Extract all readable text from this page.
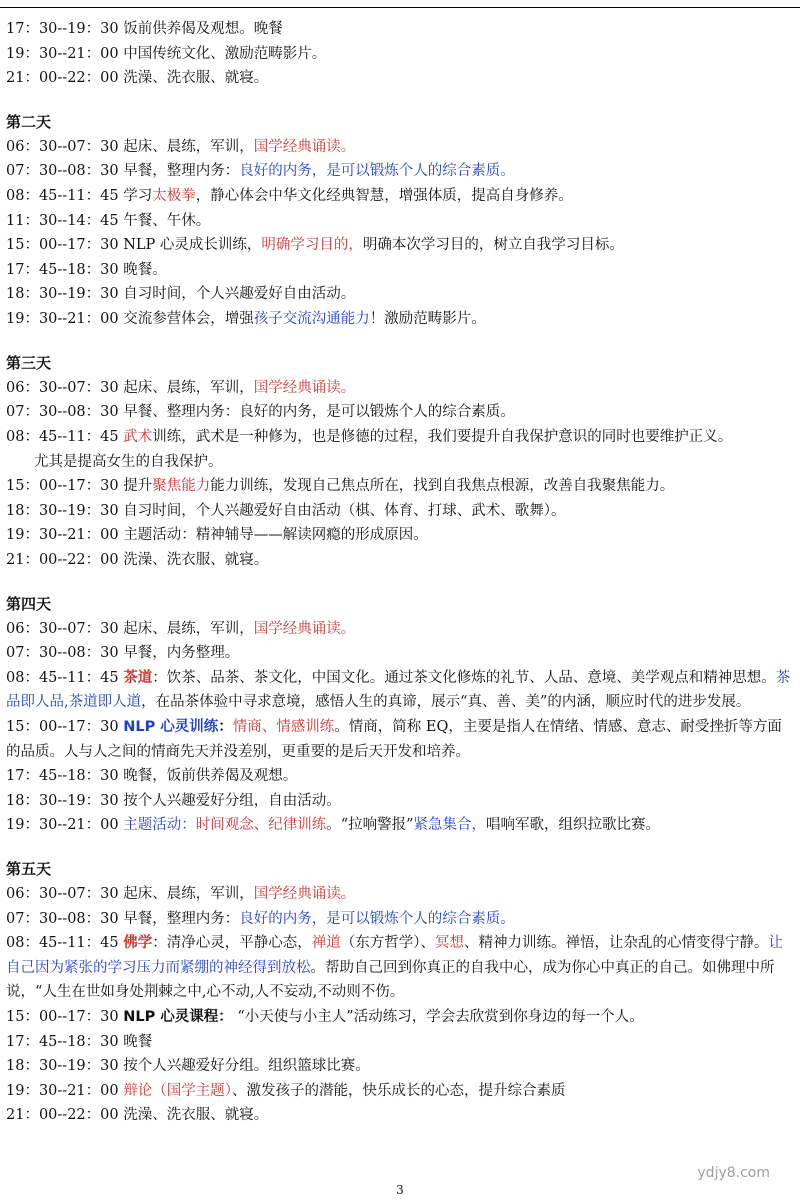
17：30--19：30 饭前供养偈及观想。晚餐
19：30--21：00 中国传统文化、激励范畴影片。
21：00--22：00 洗澡、洗衣服、就寝。
第二天
06：30--07：30 起床、晨练，军训，国学经典诵读。
07：30--08：30 早餐，整理内务：良好的内务，是可以锻炼个人的综合素质。
08：45--11：45 学习太极拳，静心体会中华文化经典智慧，增强体质，提高自身修养。
11：30--14：45 午餐、午休。
15：00--17：30 NLP 心灵成长训练，明确学习目的，明确本次学习目的，树立自我学习目标。
17：45--18：30 晚餐。
18：30--19：30 自习时间，个人兴趣爱好自由活动。
19：30--21：00 交流参营体会，增强孩子交流沟通能力！激励范畴影片。
第三天
06：30--07：30 起床、晨练，军训，国学经典诵读。
07：30--08：30 早餐、整理内务：良好的内务，是可以锻炼个人的综合素质。
08：45--11：45 武术训练，武术是一种修为，也是修德的过程，我们要提升自我保护意识的同时也要维护正义。
尤其是提高女生的自我保护。
15：00--17：30 提升聚焦能力能力训练，发现自己焦点所在，找到自我焦点根源，改善自我聚焦能力。
18：30--19：30 自习时间，个人兴趣爱好自由活动（棋、体育、打球、武术、歌舞）。
19：30--21：00 主题活动：精神辅导——解读网瘾的形成原因。
21：00--22：00 洗澡、洗衣服、就寝。
第四天
06：30--07：30 起床、晨练，军训，国学经典诵读。
07：30--08：30 早餐，内务整理。
08：45--11：45 茶道：饮茶、品茶、茶文化，中国文化。通过茶文化修炼的礼节、人品、意境、美学观点和精神思想。茶品即人品,茶道即人道，在品茶体验中寻求意境，感悟人生的真谛，展示“真、善、美”的内涵，顺应时代的进步发展。
15：00--17：30 NLP 心灵训练：情商、情感训练。情商，简称 EQ，主要是指人在情绪、情感、意志、耐受挫折等方面的品质。人与人之间的情商先天并没差别，更重要的是后天开发和培养。
17：45--18：30 晚餐，饭前供养偈及观想。
18：30--19：30 按个人兴趣爱好分组，自由活动。
19：30--21：00 主题活动：时间观念、纪律训练。“拉响警报”紧急集合，唱响军歌，组织拉歌比赛。
第五天
06：30--07：30 起床、晨练，军训，国学经典诵读。
07：30--08：30 早餐，整理内务：良好的内务，是可以锻炼个人的综合素质。
08：45--11：45 佛学：清净心灵，平静心态，禅道（东方哲学）、冥想、精神力训练。禅悟，让杂乱的心情变得宁静。让自己因为紧张的学习压力而紧绷的神经得到放松。帮助自己回到你真正的自我中心，成为你心中真正的自己。如佛理中所说，“人生在世如身处荆棘之中,心不动,人不妄动,不动则不伤。
15：00--17：30 NLP 心灵课程： “小天使与小主人”活动练习，学会去欣赏到你身边的每一个人。
17：45--18：30 晚餐
18：30--19：30 按个人兴趣爱好分组。组织篮球比赛。
19：30--21：00 辩论（国学主题）、激发孩子的潜能，快乐成长的心态，提升综合素质
21：00--22：00 洗澡、洗衣服、就寝。
ydjy8.com
3
